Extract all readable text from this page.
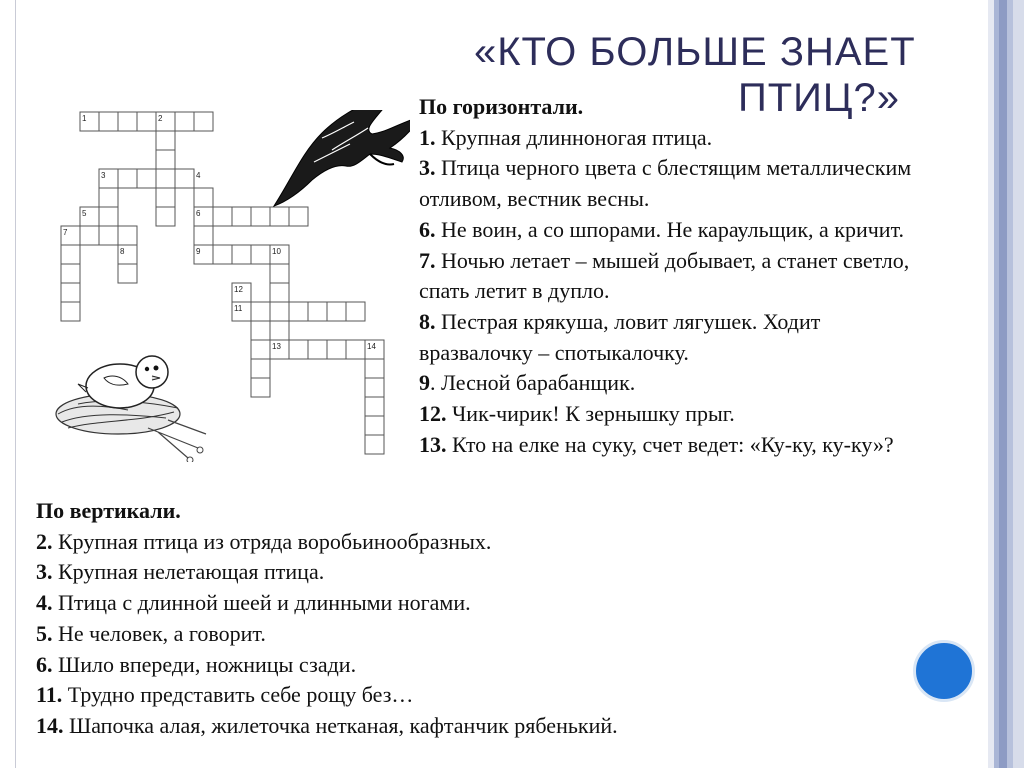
«КТО БОЛЬШЕ ЗНАЕТ
ПТИЦ?»
1	2
3	4
5	6
7
8	9	10
12
11
13	14
По горизонтали.
1. Крупная длинноногая птица.
3. Птица черного цвета с блестящим металлическим отливом, вестник весны.
6. Не воин, а со шпорами. Не караульщик, а кричит.
7. Ночью летает – мышей добывает, а станет светло, спать летит в дупло.
8. Пестрая крякуша, ловит лягушек. Ходит вразвалочку – спотыкалочку.
9. Лесной барабанщик.
12. Чик-чирик! К зернышку прыг.
13. Кто на елке на суку, счет ведет: «Ку-ку, ку-ку»?
По вертикали.
2. Крупная птица из отряда воробьинообразных.
3. Крупная нелетающая птица.
4. Птица с длинной шеей и длинными ногами.
5. Не человек, а говорит.
6. Шило впереди, ножницы сзади.
11. Трудно представить себе рощу без…
14. Шапочка алая, жилеточка нетканая, кафтанчик рябенький.
